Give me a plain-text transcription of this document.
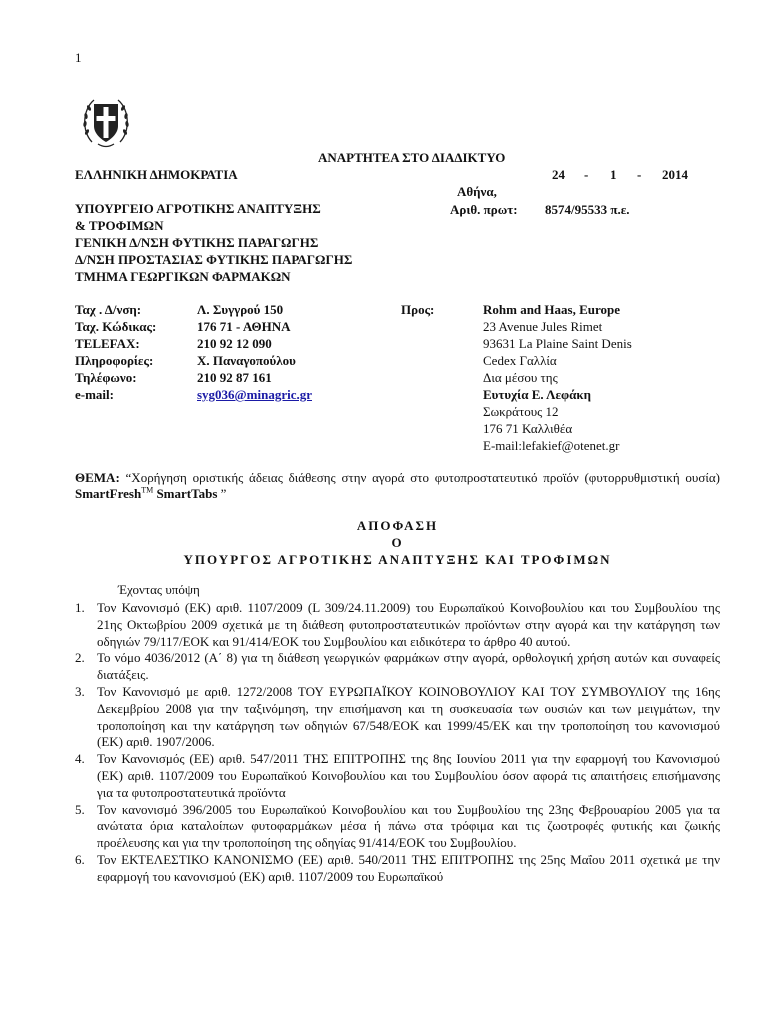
1
ΑΝΑΡΤΗΤΕΑ ΣΤΟ ΔΙΑΔΙΚΤΥΟ
ΕΛΛΗΝΙΚΗ ΔΗΜΟΚΡΑΤΙΑ
ΥΠΟΥΡΓΕΙΟ ΑΓΡΟΤΙΚΗΣ ΑΝΑΠΤΥΞΗΣ
& ΤΡΟΦΙΜΩΝ
ΓΕΝΙΚΗ Δ/ΝΣΗ ΦΥΤΙΚΗΣ ΠΑΡΑΓΩΓΗΣ
Δ/ΝΣΗ ΠΡΟΣΤΑΣΙΑΣ ΦΥΤΙΚΗΣ ΠΑΡΑΓΩΓΗΣ
ΤΜΗΜΑ ΓΕΩΡΓΙΚΩΝ ΦΑΡΜΑΚΩΝ
24 - 1 - 2014
Αθήνα,
Αριθ. πρωτ: 8574/95533 π.ε.
Ταχ . Δ/νση:	Λ. Συγγρού 150
Ταχ. Κώδικας:	176 71 - ΑΘΗΝΑ
TELEFAX:	210 92 12 090
Πληροφορίες:	Χ. Παναγοπούλου
Τηλέφωνο:	210 92 87 161
e-mail:	syg036@minagric.gr
Προς:	Rohm and Haas, Europe
23 Avenue Jules Rimet
93631 La Plaine Saint Denis
Cedex Γαλλία
Δια μέσου της
Ευτυχία Ε. Λεφάκη
Σωκράτους 12
176 71 Καλλιθέα
E-mail:lefakief@otenet.gr
ΘΕΜΑ: “Χορήγηση οριστικής άδειας διάθεσης στην αγορά στο φυτοπροστατευτικό προϊόν (φυτορρυθμιστική ουσία) SmartFresh™ SmartTabs ”
ΑΠΟΦΑΣΗ
Ο
ΥΠΟΥΡΓΟΣ ΑΓΡΟΤΙΚΗΣ ΑΝΑΠΤΥΞΗΣ ΚΑΙ ΤΡΟΦΙΜΩΝ
Έχοντας υπόψη
1. Τον Κανονισμό (ΕΚ) αριθ. 1107/2009 (L 309/24.11.2009) του Ευρωπαϊκού Κοινοβουλίου και του Συμβουλίου της 21ης Οκτωβρίου 2009 σχετικά με τη διάθεση φυτοπροστατευτικών προϊόντων στην αγορά και την κατάργηση των οδηγιών 79/117/ΕΟΚ και 91/414/ΕΟΚ του Συμβουλίου και ειδικότερα το άρθρο 40 αυτού.
2. Το νόμο 4036/2012 (Α΄ 8) για τη διάθεση γεωργικών φαρμάκων στην αγορά, ορθολογική χρήση αυτών και συναφείς διατάξεις.
3. Τον Κανονισμό με αριθ. 1272/2008 ΤΟΥ ΕΥΡΩΠΑΪΚΟΥ ΚΟΙΝΟΒΟΥΛΙΟΥ ΚΑΙ ΤΟΥ ΣΥΜΒΟΥΛΙΟΥ της 16ης Δεκεμβρίου 2008 για την ταξινόμηση, την επισήμανση και τη συσκευασία των ουσιών και των μειγμάτων, την τροποποίηση και την κατάργηση των οδηγιών 67/548/ΕΟΚ και 1999/45/ΕΚ και την τροποποίηση του κανονισμού (ΕΚ) αριθ. 1907/2006.
4. Τον Κανονισμός (ΕΕ) αριθ. 547/2011 ΤΗΣ ΕΠΙΤΡΟΠΗΣ της 8ης Ιουνίου 2011 για την εφαρμογή του Κανονισμού (ΕΚ) αριθ. 1107/2009 του Ευρωπαϊκού Κοινοβουλίου και του Συμβουλίου όσον αφορά τις απαιτήσεις επισήμανσης για τα φυτοπροστατευτικά προϊόντα
5. Τον κανονισμό 396/2005 του Ευρωπαϊκού Κοινοβουλίου και του Συμβουλίου της 23ης Φεβρουαρίου 2005 για τα ανώτατα όρια καταλοίπων φυτοφαρμάκων μέσα ή πάνω στα τρόφιμα και τις ζωοτροφές φυτικής και ζωικής προέλευσης και για την τροποποίηση της οδηγίας 91/414/ΕΟΚ του Συμβουλίου.
6. Τον ΕΚΤΕΛΕΣΤΙΚΟ ΚΑΝΟΝΙΣΜΟ (ΕΕ) αριθ. 540/2011 ΤΗΣ ΕΠΙΤΡΟΠΗΣ της 25ης Μαΐου 2011 σχετικά με την εφαρμογή του κανονισμού (ΕΚ) αριθ. 1107/2009 του Ευρωπαϊκού
